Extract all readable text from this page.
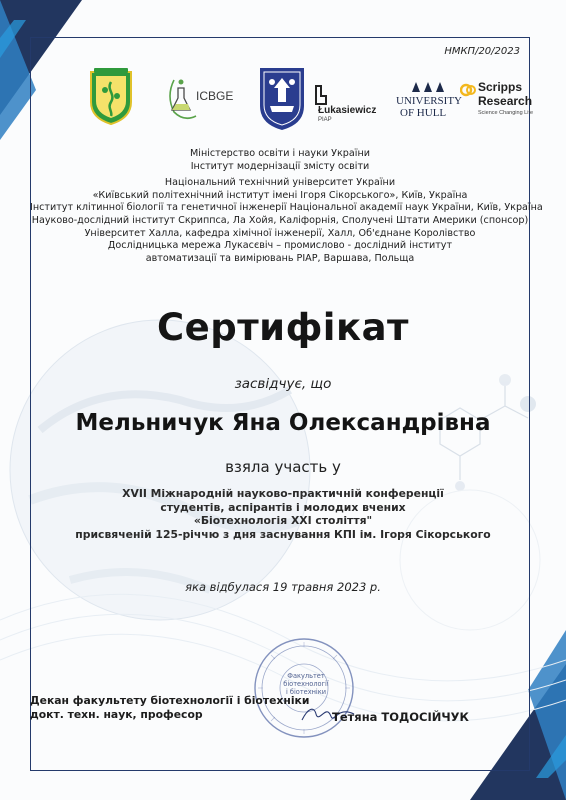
НМКП/20/2023
ICBGE
Łukasiewicz
PIAP
UNIVERSITY
OF HULL
Scripps
Research
Science Changing Life
Міністерство освіти і науки України
Інститут модернізації змісту освіти
Національний технічний університет України
«Київський політехнічний інститут імені Ігоря Сікорського», Київ, Україна
Інститут клітинної біології та генетичної інженерії Національної академії наук України, Київ, Україна
Науково-дослідний інститут Скриппса, Ла Хойя, Каліфорнія, Сполучені Штати Америки (спонсор)
Університет Халла, кафедра хімічної інженерії, Халл, Об'єднане Королівство
Дослідницька мережа Лукасєвіч – промислово - дослідний інститут
автоматизації та вимірювань PIAP, Варшава, Польща
Сертифікат
засвідчує, що
Мельничук Яна Олександрівна
взяла участь у
XVII Міжнародній науково-практичній конференції
студентів, аспірантів і молодих вчених
«Біотехнологія XXI століття"
присвяченій 125-річчю з дня заснування КПІ ім. Ігоря Сікорського
яка відбулася 19 травня 2023 р.
Факультет
біотехнології
і біотехніки
Декан факультету біотехнології і біотехніки
докт. техн. наук, професор	Тетяна ТОДОСІЙЧУК
